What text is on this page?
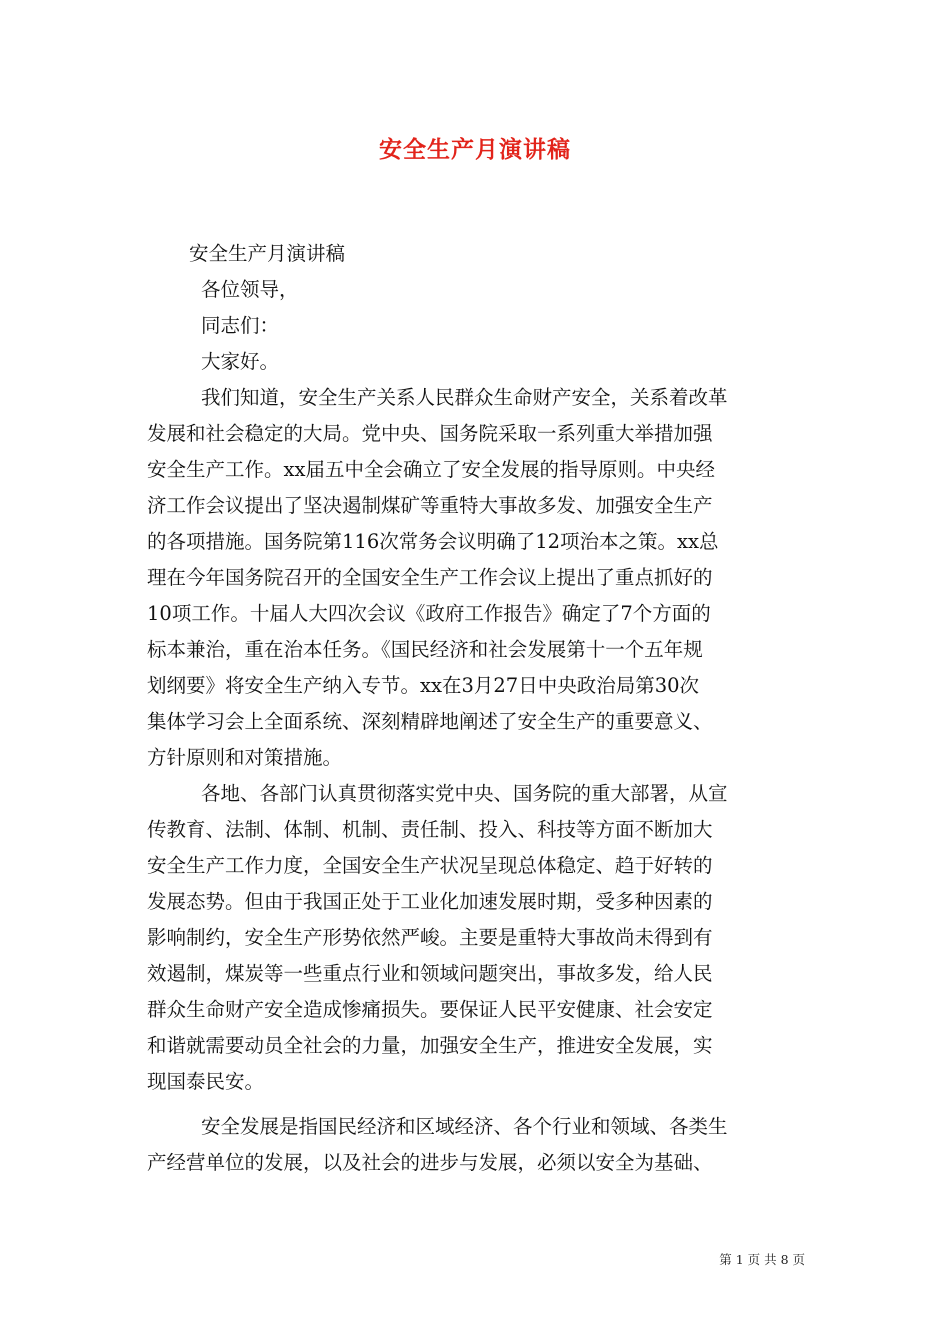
安全生产月演讲稿
安全生产月演讲稿
各位领导，
同志们：
大家好。
我们知道，安全生产关系人民群众生命财产安全，关系着改革
发展和社会稳定的大局。党中央、国务院采取一系列重大举措加强
安全生产工作。xx届五中全会确立了安全发展的指导原则。中央经
济工作会议提出了坚决遏制煤矿等重特大事故多发、加强安全生产
的各项措施。国务院第116次常务会议明确了12项治本之策。xx总
理在今年国务院召开的全国安全生产工作会议上提出了重点抓好的
10项工作。十届人大四次会议《政府工作报告》确定了7个方面的
标本兼治，重在治本任务。《国民经济和社会发展第十一个五年规
划纲要》将安全生产纳入专节。xx在3月27日中央政治局第30次
集体学习会上全面系统、深刻精辟地阐述了安全生产的重要意义、
方针原则和对策措施。
各地、各部门认真贯彻落实党中央、国务院的重大部署，从宣
传教育、法制、体制、机制、责任制、投入、科技等方面不断加大
安全生产工作力度，全国安全生产状况呈现总体稳定、趋于好转的
发展态势。但由于我国正处于工业化加速发展时期，受多种因素的
影响制约，安全生产形势依然严峻。主要是重特大事故尚未得到有
效遏制，煤炭等一些重点行业和领域问题突出，事故多发，给人民
群众生命财产安全造成惨痛损失。要保证人民平安健康、社会安定
和谐就需要动员全社会的力量，加强安全生产，推进安全发展，实
现国泰民安。
安全发展是指国民经济和区域经济、各个行业和领域、各类生
产经营单位的发展，以及社会的进步与发展，必须以安全为基础、
第 1 页 共 8 页
